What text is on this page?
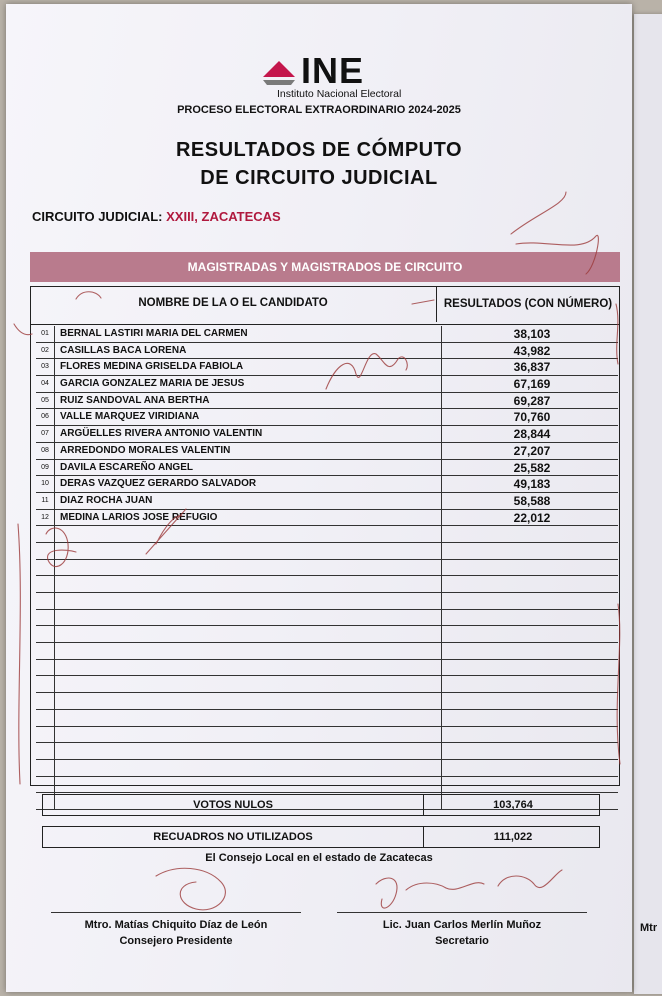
Mtr
INE
Instituto Nacional Electoral
PROCESO ELECTORAL EXTRAORDINARIO 2024-2025
RESULTADOS DE CÓMPUTO
DE CIRCUITO JUDICIAL
CIRCUITO JUDICIAL: XXIII, ZACATECAS
MAGISTRADAS Y MAGISTRADOS DE CIRCUITO
NOMBRE DE LA O EL CANDIDATO	RESULTADOS (CON NÚMERO)
01	BERNAL LASTIRI MARIA DEL CARMEN	38,103
02	CASILLAS BACA LORENA	43,982
03	FLORES MEDINA GRISELDA FABIOLA	36,837
04	GARCIA GONZALEZ MARIA DE JESUS	67,169
05	RUIZ SANDOVAL ANA BERTHA	69,287
06	VALLE MARQUEZ VIRIDIANA	70,760
07	ARGÜELLES RIVERA ANTONIO VALENTIN	28,844
08	ARREDONDO MORALES VALENTIN	27,207
09	DAVILA ESCAREÑO ANGEL	25,582
10	DERAS VAZQUEZ GERARDO SALVADOR	49,183
11	DIAZ ROCHA JUAN	58,588
12	MEDINA LARIOS JOSE REFUGIO	22,012
VOTOS NULOS	103,764
RECUADROS NO UTILIZADOS	111,022
El Consejo Local en el estado de Zacatecas
Mtro. Matías Chiquito Díaz de León
Consejero Presidente
Lic. Juan Carlos Merlín Muñoz
Secretario
